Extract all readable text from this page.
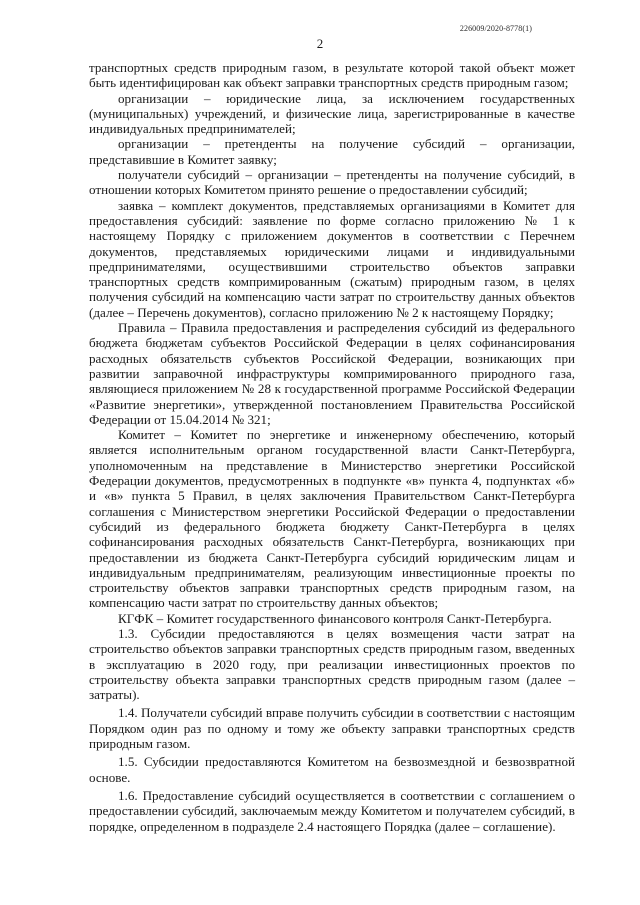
226009/2020-8778(1)
2

транспортных средств природным газом, в результате которой такой объект может быть идентифицирован как объект заправки транспортных средств природным газом;

организации – юридические лица, за исключением государственных (муниципальных) учреждений, и физические лица, зарегистрированные в качестве индивидуальных предпринимателей;

организации – претенденты на получение субсидий – организации, представившие в Комитет заявку;

получатели субсидий – организации – претенденты на получение субсидий, в отношении которых Комитетом принято решение о предоставлении субсидий;

заявка – комплект документов, представляемых организациями в Комитет для предоставления субсидий: заявление по форме согласно приложению № 1 к настоящему Порядку с приложением документов в соответствии с Перечнем документов, представляемых юридическими лицами и индивидуальными предпринимателями, осуществившими строительство объектов заправки транспортных средств компримированным (сжатым) природным газом, в целях получения субсидий на компенсацию части затрат по строительству данных объектов (далее – Перечень документов), согласно приложению № 2 к настоящему Порядку;

Правила – Правила предоставления и распределения субсидий из федерального бюджета бюджетам субъектов Российской Федерации в целях софинансирования расходных обязательств субъектов Российской Федерации, возникающих при развитии заправочной инфраструктуры компримированного природного газа, являющиеся приложением № 28 к государственной программе Российской Федерации «Развитие энергетики», утвержденной постановлением Правительства Российской Федерации от 15.04.2014 № 321;

Комитет – Комитет по энергетике и инженерному обеспечению, который является исполнительным органом государственной власти Санкт-Петербурга, уполномоченным на представление в Министерство энергетики Российской Федерации документов, предусмотренных в подпункте «в» пункта 4, подпунктах «б» и «в» пункта 5 Правил, в целях заключения Правительством Санкт-Петербурга соглашения с Министерством энергетики Российской Федерации о предоставлении субсидий из федерального бюджета бюджету Санкт-Петербурга в целях софинансирования расходных обязательств Санкт-Петербурга, возникающих при предоставлении из бюджета Санкт-Петербурга субсидий юридическим лицам и индивидуальным предпринимателям, реализующим инвестиционные проекты по строительству объектов заправки транспортных средств природным газом, на компенсацию части затрат по строительству данных объектов;

КГФК – Комитет государственного финансового контроля Санкт-Петербурга.

1.3. Субсидии предоставляются в целях возмещения части затрат на строительство объектов заправки транспортных средств природным газом, введенных в эксплуатацию в 2020 году, при реализации инвестиционных проектов по строительству объекта заправки транспортных средств природным газом (далее – затраты).

1.4. Получатели субсидий вправе получить субсидии в соответствии с настоящим Порядком один раз по одному и тому же объекту заправки транспортных средств природным газом.

1.5. Субсидии предоставляются Комитетом на безвозмездной и безвозвратной основе.

1.6. Предоставление субсидий осуществляется в соответствии с соглашением о предоставлении субсидий, заключаемым между Комитетом и получателем субсидий, в порядке, определенном в подразделе 2.4 настоящего Порядка (далее – соглашение).
